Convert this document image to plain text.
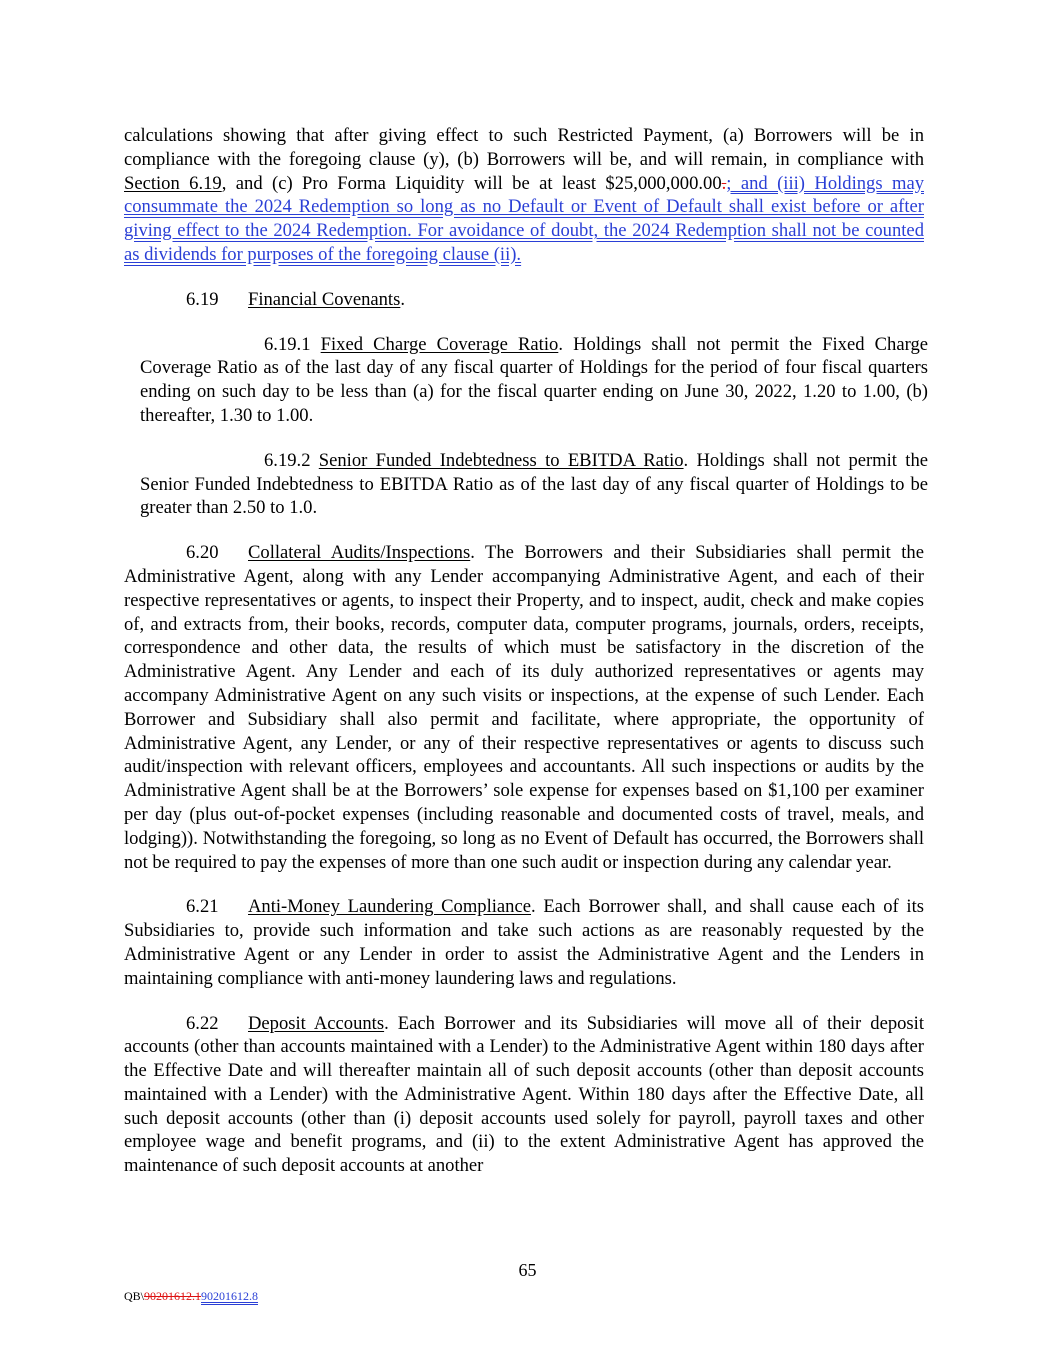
calculations showing that after giving effect to such Restricted Payment, (a) Borrowers will be in compliance with the foregoing clause (y), (b) Borrowers will be, and will remain, in compliance with Section 6.19, and (c) Pro Forma Liquidity will be at least $25,000,000.00.; and (iii) Holdings may consummate the 2024 Redemption so long as no Default or Event of Default shall exist before or after giving effect to the 2024 Redemption. For avoidance of doubt, the 2024 Redemption shall not be counted as dividends for purposes of the foregoing clause (ii).

6.19 Financial Covenants.

6.19.1 Fixed Charge Coverage Ratio. Holdings shall not permit the Fixed Charge Coverage Ratio as of the last day of any fiscal quarter of Holdings for the period of four fiscal quarters ending on such day to be less than (a) for the fiscal quarter ending on June 30, 2022, 1.20 to 1.00, (b) thereafter, 1.30 to 1.00.

6.19.2 Senior Funded Indebtedness to EBITDA Ratio. Holdings shall not permit the Senior Funded Indebtedness to EBITDA Ratio as of the last day of any fiscal quarter of Holdings to be greater than 2.50 to 1.0.

6.20 Collateral Audits/Inspections. The Borrowers and their Subsidiaries shall permit the Administrative Agent, along with any Lender accompanying Administrative Agent, and each of their respective representatives or agents, to inspect their Property, and to inspect, audit, check and make copies of, and extracts from, their books, records, computer data, computer programs, journals, orders, receipts, correspondence and other data, the results of which must be satisfactory in the discretion of the Administrative Agent. Any Lender and each of its duly authorized representatives or agents may accompany Administrative Agent on any such visits or inspections, at the expense of such Lender. Each Borrower and Subsidiary shall also permit and facilitate, where appropriate, the opportunity of Administrative Agent, any Lender, or any of their respective representatives or agents to discuss such audit/inspection with relevant officers, employees and accountants. All such inspections or audits by the Administrative Agent shall be at the Borrowers’ sole expense for expenses based on $1,100 per examiner per day (plus out-of-pocket expenses (including reasonable and documented costs of travel, meals, and lodging)). Notwithstanding the foregoing, so long as no Event of Default has occurred, the Borrowers shall not be required to pay the expenses of more than one such audit or inspection during any calendar year.

6.21 Anti-Money Laundering Compliance. Each Borrower shall, and shall cause each of its Subsidiaries to, provide such information and take such actions as are reasonably requested by the Administrative Agent or any Lender in order to assist the Administrative Agent and the Lenders in maintaining compliance with anti-money laundering laws and regulations.

6.22 Deposit Accounts. Each Borrower and its Subsidiaries will move all of their deposit accounts (other than accounts maintained with a Lender) to the Administrative Agent within 180 days after the Effective Date and will thereafter maintain all of such deposit accounts (other than deposit accounts maintained with a Lender) with the Administrative Agent. Within 180 days after the Effective Date, all such deposit accounts (other than (i) deposit accounts used solely for payroll, payroll taxes and other employee wage and benefit programs, and (ii) to the extent Administrative Agent has approved the maintenance of such deposit accounts at another

65
QB\90201612.190201612.8
